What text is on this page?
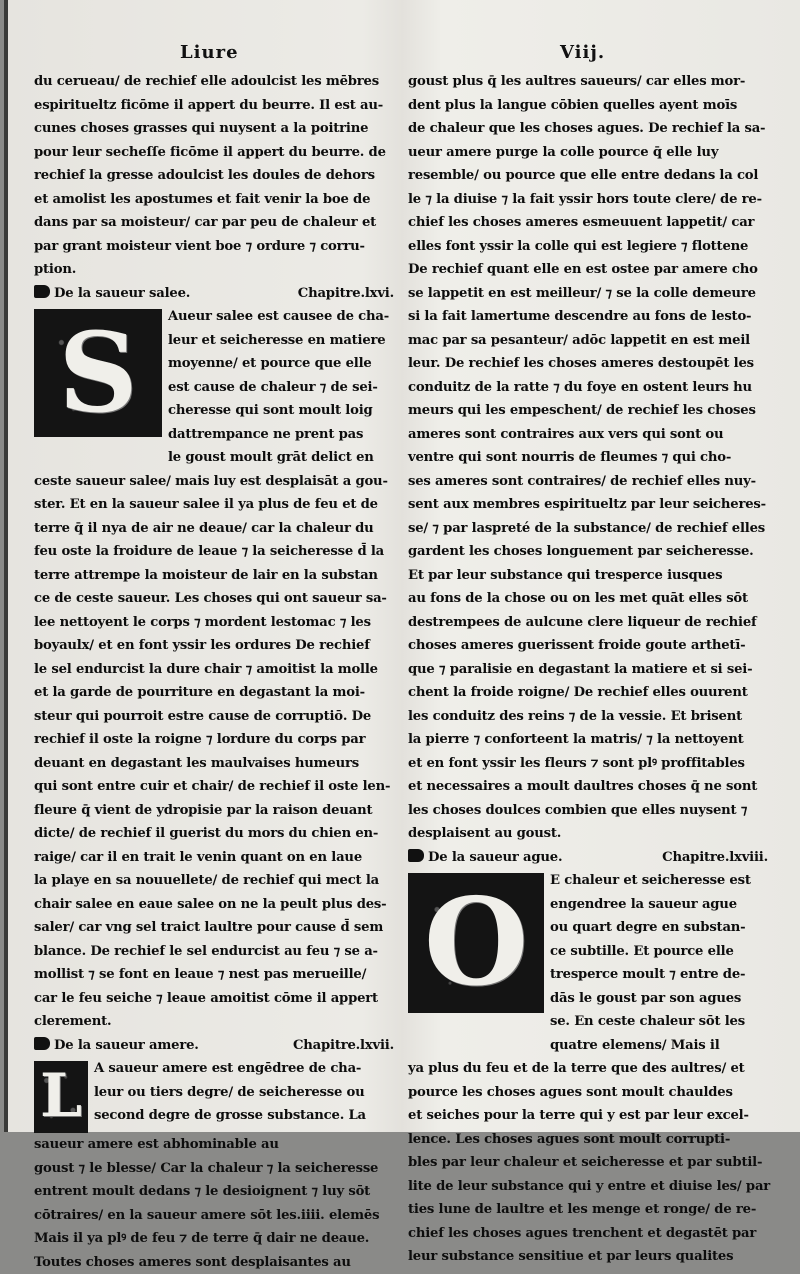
Liure	Viij.
du cerueau/ de rechief elle adoulcist les mēbres
espiritueltz ficōme il appert du beurre. Il est au-
cunes choses grasses qui nuysent a la poitrine
pour leur secheſſe ficōme il appert du beurre. de
rechief la gresse adoulcist les doules de dehors
et amolist les apostumes et fait venir la boe de
dans par sa moisteur/ car par peu de chaleur et
par grant moisteur vient boe ⁊ ordure ⁊ corru-
ption.
De la saueur salee.	Chapitre.lxvi.
S Aueur salee est causee de cha-
leur et seicheresse en matiere
moyenne/ et pource que elle
est cause de chaleur ⁊ de sei-
cheresse qui sont moult loig
dattrempance ne prent pas
le goust moult grāt delict en
ceste saueur salee/ mais luy est desplaisāt a gou-
ster. Et en la saueur salee il ya plus de feu et de
terre q̄ il nya de air ne deaue/ car la chaleur du
feu oste la froidure de leaue ⁊ la seicheresse d̄ la
terre attrempe la moisteur de lair en la substan
ce de ceste saueur. Les choses qui ont saueur sa-
lee nettoyent le corps ⁊ mordent lestomac ⁊ les
boyaulx/ et en font yssir les ordures De rechief
le sel endurcist la dure chair ⁊ amoitist la molle
et la garde de pourriture en degastant la moi-
steur qui pourroit estre cause de corruptiō. De
rechief il oste la roigne ⁊ lordure du corps par
deuant en degastant les maulvaises humeurs
qui sont entre cuir et chair/ de rechief il oste len-
fleure q̄ vient de ydropisie par la raison deuant
dicte/ de rechief il guerist du mors du chien en-
raige/ car il en trait le venin quant on en laue
la playe en sa nouuellete/ de rechief qui mect la
chair salee en eaue salee on ne la peult plus des-
saler/ car vng sel traict laultre pour cause d̄ sem
blance. De rechief le sel endurcist au feu ⁊ se a-
mollist ⁊ se font en leaue ⁊ nest pas merueille/
car le feu seiche ⁊ leaue amoitist cōme il appert
clerement.
De la saueur amere.	Chapitre.lxvii.
L A saueur amere est engēdree de cha-
leur ou tiers degre/ de seicheresse ou
second degre de grosse substance. La
saueur amere est abhominable au
goust ⁊ le blesse/ Car la chaleur ⁊ la seicheresse
entrent moult dedans ⁊ le desioignent ⁊ luy sōt
cōtraires/ en la saueur amere sōt les.iiii. elemēs
Mais il ya plꝰ de feu ⁊ de terre q̄ dair ne deaue.
Toutes choses ameres sont desplaisantes au
goust plus q̄ les aultres saueurs/ car elles mor-
dent plus la langue cōbien quelles ayent moīs
de chaleur que les choses agues. De rechief la sa-
ueur amere purge la colle pource q̄ elle luy
resemble/ ou pource que elle entre dedans la col
le ⁊ la diuise ⁊ la fait yssir hors toute clere/ de re-
chief les choses ameres esmeuuent lappetit/ car
elles font yssir la colle qui est legiere ⁊ flottene
De rechief quant elle en est ostee par amere cho
se lappetit en est meilleur/ ⁊ se la colle demeure
si la fait lamertume descendre au fons de lesto-
mac par sa pesanteur/ adōc lappetit en est meil
leur. De rechief les choses ameres destoupēt les
conduitz de la ratte ⁊ du foye en ostent leurs hu
meurs qui les empeschent/ de rechief les choses
ameres sont contraires aux vers qui sont ou
ventre qui sont nourris de fleumes ⁊ qui cho-
ses ameres sont contraires/ de rechief elles nuy-
sent aux membres espiritueltz par leur seicheres-
se/ ⁊ par laspreté de la substance/ de rechief elles
gardent les choses longuement par seicheresse.
Et par leur substance qui tresperce iusques
au fons de la chose ou on les met quāt elles sōt
destrempees de aulcune clere liqueur de rechief
choses ameres guerissent froide goute arthetī-
que ⁊ paralisie en degastant la matiere et si sei-
chent la froide roigne/ De rechief elles ouurent
les conduitz des reins ⁊ de la vessie. Et brisent
la pierre ⁊ conforteent la matris/ ⁊ la nettoyent
et en font yssir les fleurs ⁊ sont plꝰ proffitables
et necessaires a moult daultres choses q̄ ne sont
les choses doulces combien que elles nuysent ⁊
desplaisent au goust.
De la saueur ague.	Chapitre.lxviii.
O E chaleur et seicheresse est
engendree la saueur ague
ou quart degre en substan-
ce subtille. Et pource elle
tresperce moult ⁊ entre de-
dās le goust par son agues
se. En ceste chaleur sōt les
quatre elemens/ Mais il
ya plus du feu et de la terre que des aultres/ et
pource les choses agues sont moult chauldes
et seiches pour la terre qui y est par leur excel-
lence. Les choses agues sont moult corrupti-
bles par leur chaleur et seicheresse et par subtil-
lite de leur substance qui y entre et diuise les/ par
ties lune de laultre et les menge et ronge/ de re-
chief les choses agues trenchent et degastēt par
leur substance sensitiue et par leurs qualites
